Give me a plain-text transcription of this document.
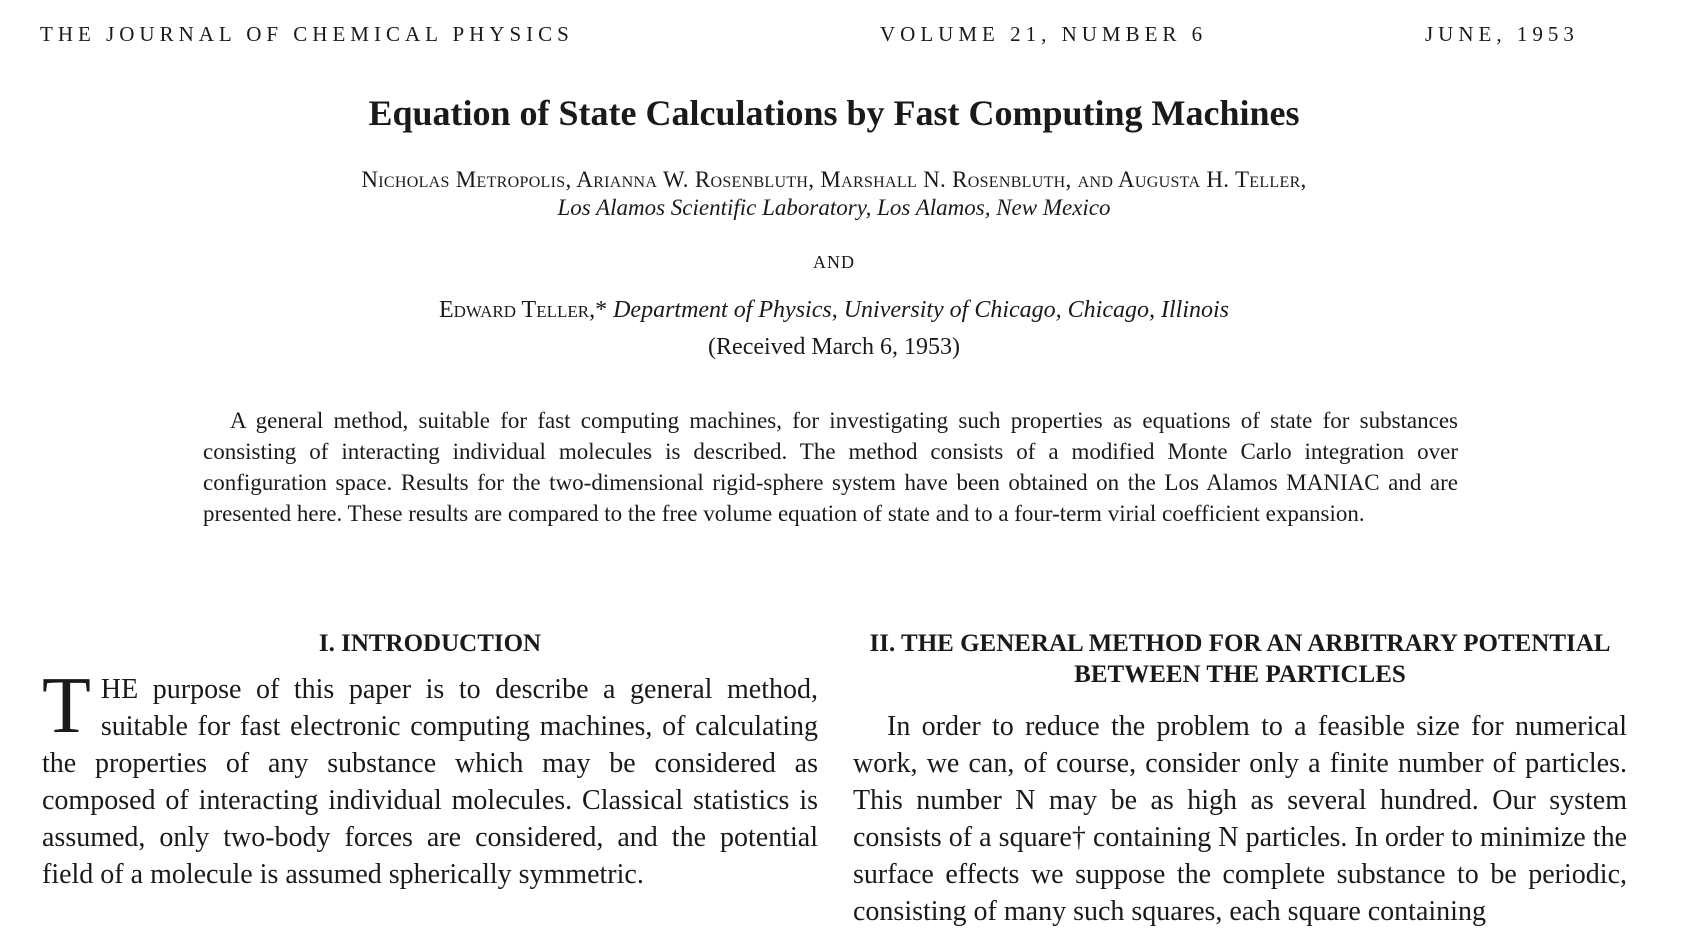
THE JOURNAL OF CHEMICAL PHYSICS	VOLUME 21, NUMBER 6	JUNE, 1953
Equation of State Calculations by Fast Computing Machines
Nicholas Metropolis, Arianna W. Rosenbluth, Marshall N. Rosenbluth, and Augusta H. Teller,
Los Alamos Scientific Laboratory, Los Alamos, New Mexico
AND
Edward Teller,* Department of Physics, University of Chicago, Chicago, Illinois
(Received March 6, 1953)
A general method, suitable for fast computing machines, for investigating such properties as equations of state for substances consisting of interacting individual molecules is described. The method consists of a modified Monte Carlo integration over configuration space. Results for the two-dimensional rigid-sphere system have been obtained on the Los Alamos MANIAC and are presented here. These results are compared to the free volume equation of state and to a four-term virial coefficient expansion.
I. INTRODUCTION

THE purpose of this paper is to describe a general method, suitable for fast electronic computing machines, of calculating the properties of any substance which may be considered as composed of interacting individual molecules. Classical statistics is assumed, only two-body forces are considered, and the potential field of a molecule is assumed spherically symmetric.

II. THE GENERAL METHOD FOR AN ARBITRARY POTENTIAL BETWEEN THE PARTICLES

In order to reduce the problem to a feasible size for numerical work, we can, of course, consider only a finite number of particles. This number N may be as high as several hundred. Our system consists of a square† containing N particles. In order to minimize the surface effects we suppose the complete substance to be periodic, consisting of many such squares, each square containing
